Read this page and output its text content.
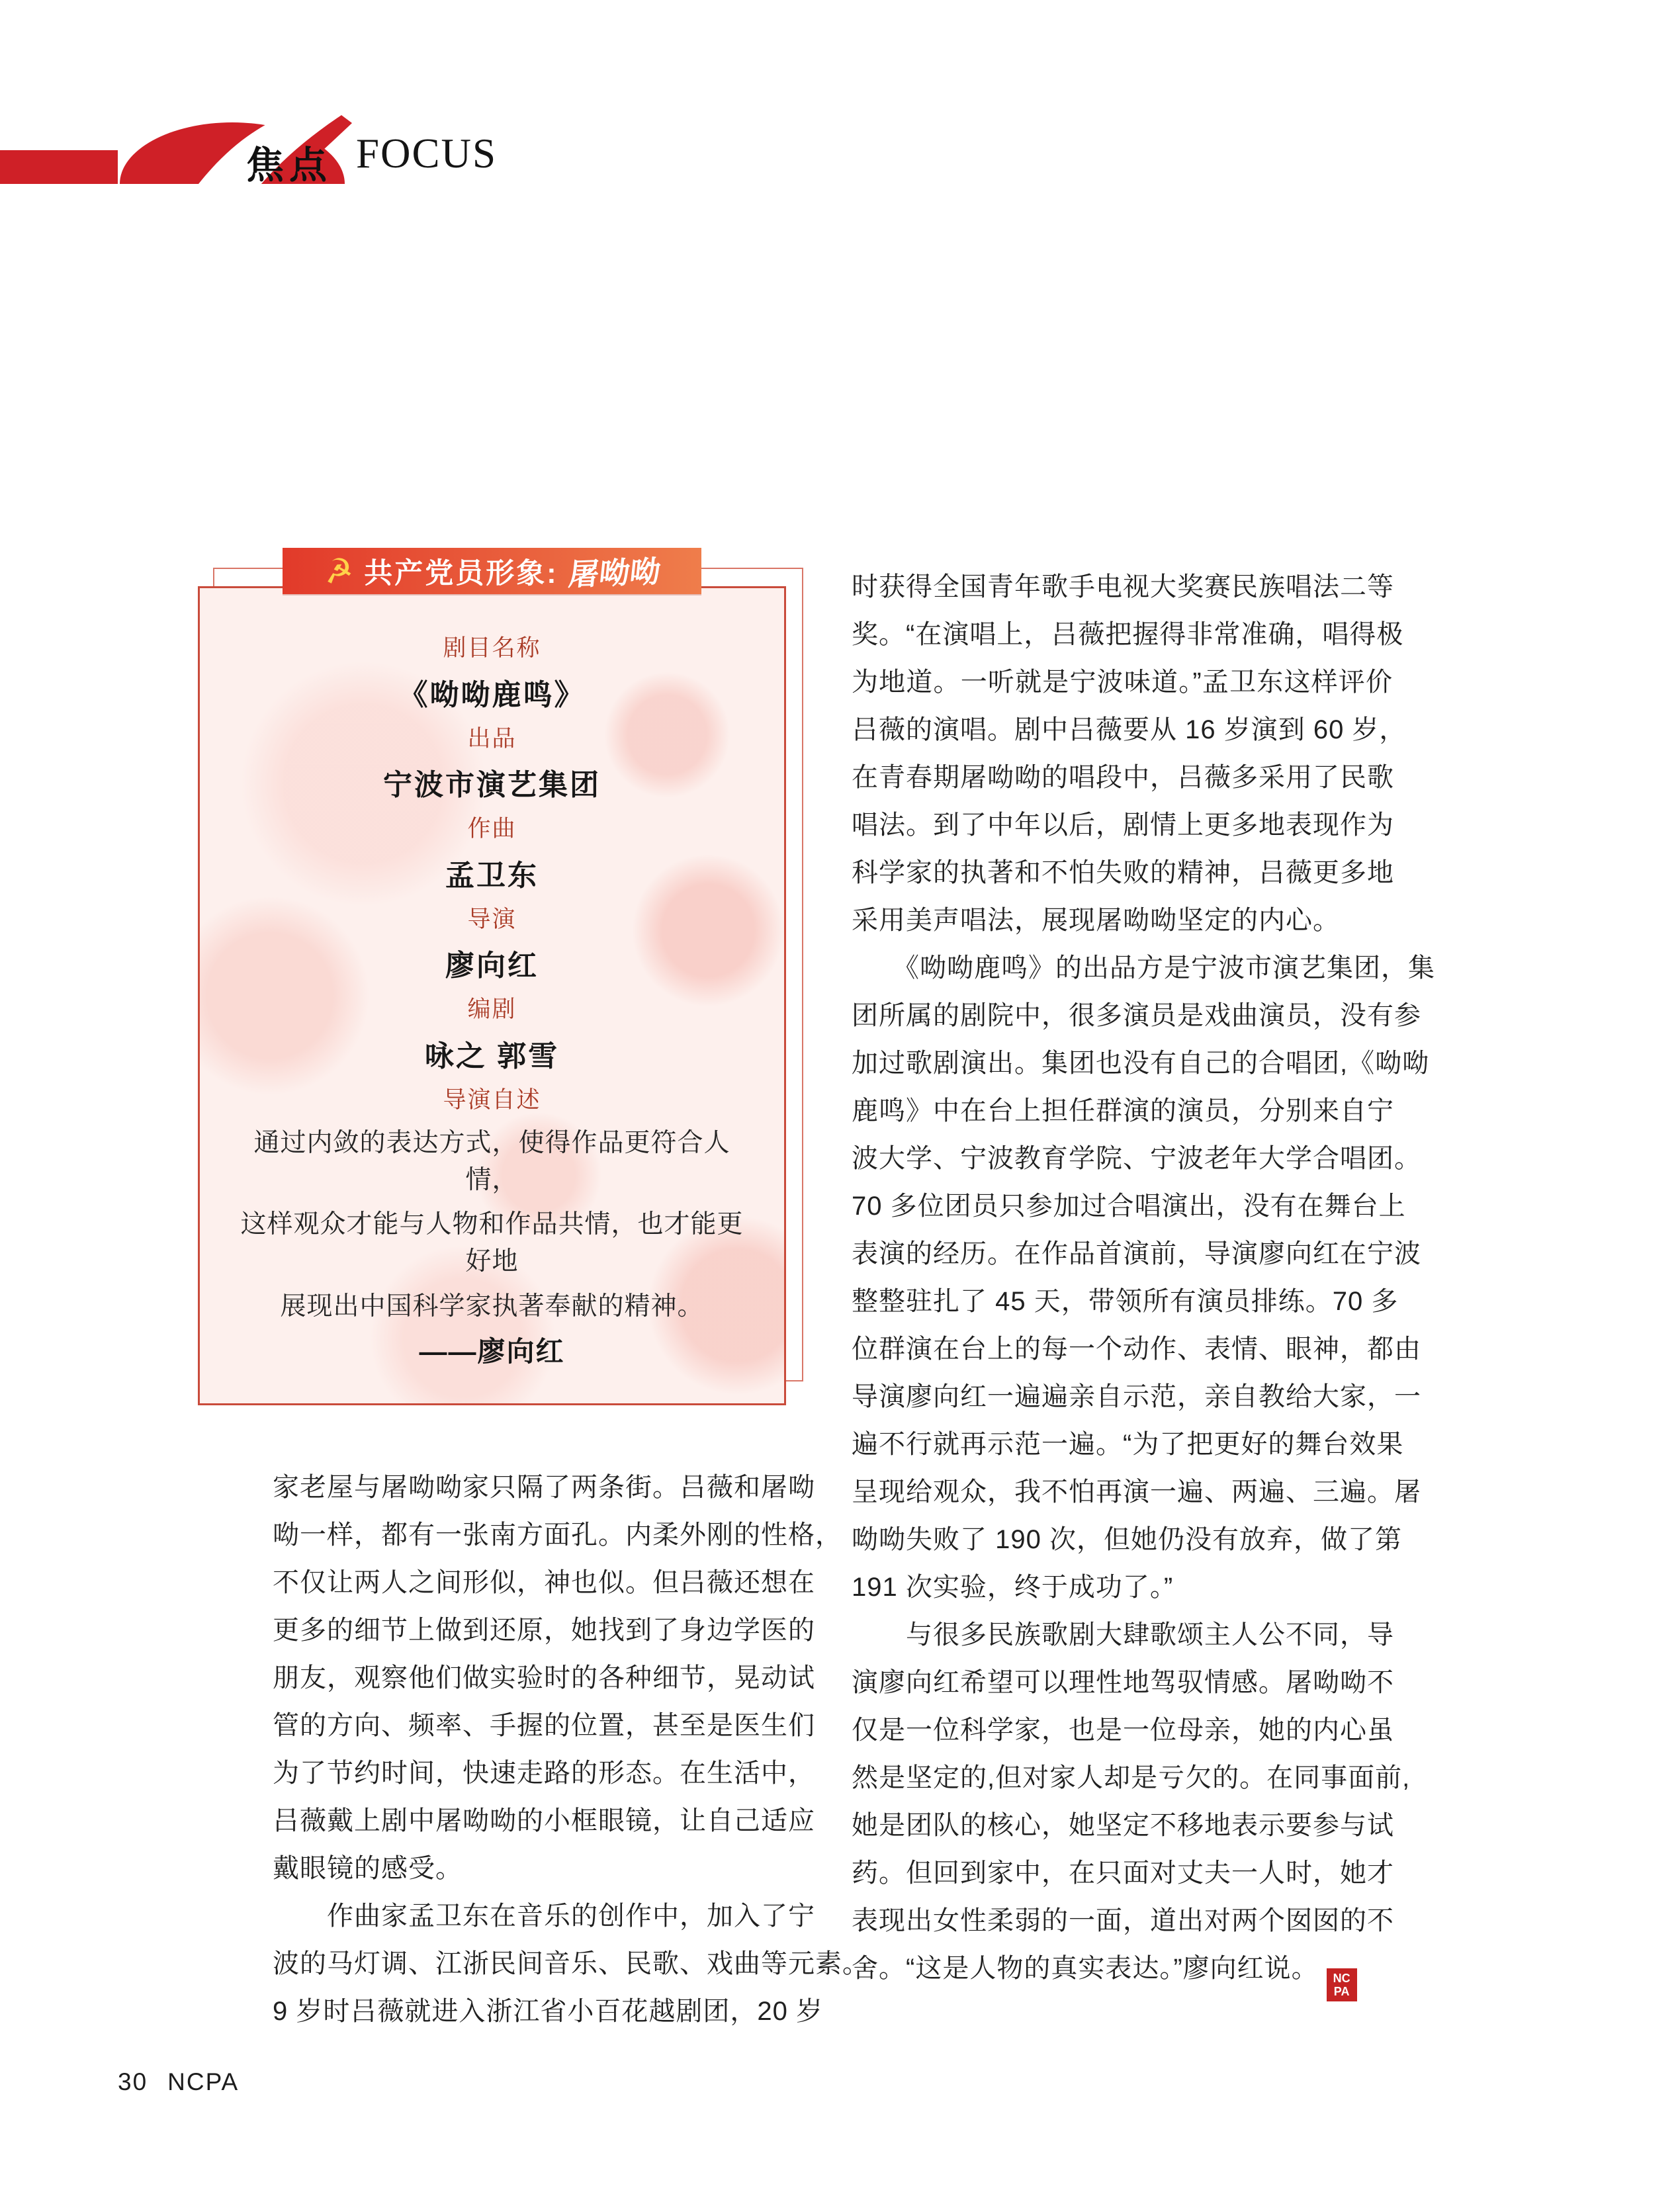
焦点 FOCUS
剧目名称
《呦呦鹿鸣》
出品
宁波市演艺集团
作曲
孟卫东
导演
廖向红
编剧
咏之 郭雪
导演自述
通过内敛的表达方式，使得作品更符合人情，
这样观众才能与人物和作品共情，也才能更好地
展现出中国科学家执著奉献的精神。
——廖向红
☭ 共产党员形象: 屠呦呦
家老屋与屠呦呦家只隔了两条街。吕薇和屠呦
呦一样，都有一张南方面孔。内柔外刚的性格，
不仅让两人之间形似，神也似。但吕薇还想在
更多的细节上做到还原，她找到了身边学医的
朋友，观察他们做实验时的各种细节，晃动试
管的方向、频率、手握的位置，甚至是医生们
为了节约时间，快速走路的形态。在生活中，
吕薇戴上剧中屠呦呦的小框眼镜，让自己适应
戴眼镜的感受。
作曲家孟卫东在音乐的创作中，加入了宁
波的马灯调、江浙民间音乐、民歌、戏曲等元素。
9 岁时吕薇就进入浙江省小百花越剧团，20 岁
时获得全国青年歌手电视大奖赛民族唱法二等
奖。“在演唱上，吕薇把握得非常准确，唱得极
为地道。一听就是宁波味道。”孟卫东这样评价
吕薇的演唱。剧中吕薇要从 16 岁演到 60 岁，
在青春期屠呦呦的唱段中，吕薇多采用了民歌
唱法。到了中年以后，剧情上更多地表现作为
科学家的执著和不怕失败的精神，吕薇更多地
采用美声唱法，展现屠呦呦坚定的内心。
《呦呦鹿鸣》的出品方是宁波市演艺集团，集
团所属的剧院中，很多演员是戏曲演员，没有参
加过歌剧演出。集团也没有自己的合唱团,《呦呦
鹿鸣》中在台上担任群演的演员，分别来自宁
波大学、宁波教育学院、宁波老年大学合唱团。
70 多位团员只参加过合唱演出，没有在舞台上
表演的经历。在作品首演前，导演廖向红在宁波
整整驻扎了 45 天，带领所有演员排练。70 多
位群演在台上的每一个动作、表情、眼神，都由
导演廖向红一遍遍亲自示范，亲自教给大家，一
遍不行就再示范一遍。“为了把更好的舞台效果
呈现给观众，我不怕再演一遍、两遍、三遍。屠
呦呦失败了 190 次，但她仍没有放弃，做了第
191 次实验，终于成功了。”
与很多民族歌剧大肆歌颂主人公不同，导
演廖向红希望可以理性地驾驭情感。屠呦呦不
仅是一位科学家，也是一位母亲，她的内心虽
然是坚定的,但对家人却是亏欠的。在同事面前,
她是团队的核心，她坚定不移地表示要参与试
药。但回到家中，在只面对丈夫一人时，她才
表现出女性柔弱的一面，道出对两个囡囡的不
舍。“这是人物的真实表达。”廖向红说。 NC
PA
30 NCPA
